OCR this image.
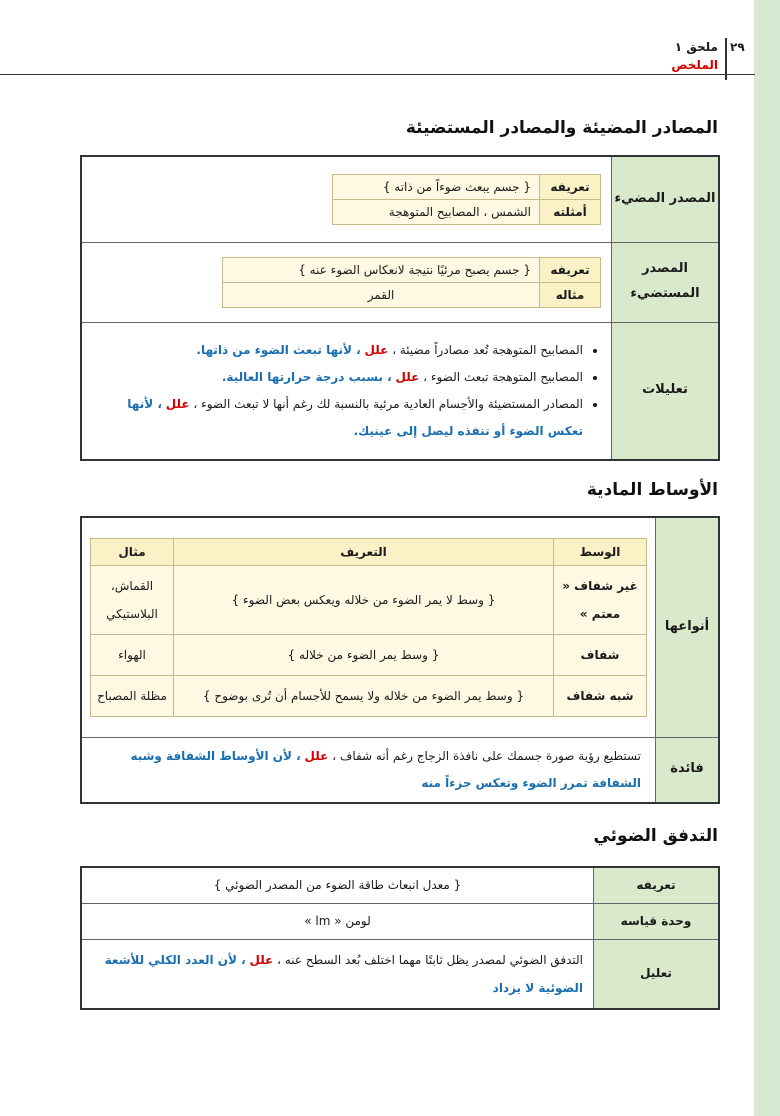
٢٩
ملحق ١
الملخص
المصادر المضيئة والمصادر المستضيئة
المصدر المضيء	
تعريفه	{ جسم يبعث ضوءاً من ذاته }
أمثلته	الشمس ، المصابيح المتوهجة

المصدر المستضيء	
تعريفه	{ جسم يصبح مرئيًا نتيجة لانعكاس الضوء عنه }
مثاله	القمر

تعليلات	
• المصابيح المتوهجة تُعد مصادراً مضيئة ، علل ، لأنها تبعث الضوء من ذاتها.
• المصابيح المتوهجة تبعث الضوء ، علل ، بسبب درجة حرارتها العالية.
• المصادر المستضيئة والأجسام العادية مرئية بالنسبة لك رغم أنها لا تبعث الضوء ، علل ، لأنها تعكس الضوء أو تنفذه ليصل إلى عينيك.
الأوساط المادية
أنواعها	
الوسط	التعريف	مثال
غير شفاف « معتم »	{ وسط لا يمر الضوء من خلاله ويعكس بعض الضوء }	القماش، البلاستيكي
شفاف	{ وسط يمر الضوء من خلاله }	الهواء
شبه شفاف	{ وسط يمر الضوء من خلاله ولا يسمح للأجسام أن تُرى بوضوح }	مظلة المصباح

فائدة	تستطيع رؤية صورة جسمك على نافذة الزجاج رغم أنه شفاف ، علل ، لأن الأوساط الشفافة وشبه الشفافة تمرر الضوء وتعكس جزءاً منه
التدفق الضوئي
تعريفه	{ معدل انبعاث طاقة الضوء من المصدر الضوئي }
وحدة قياسه	لومن « lm »
تعليل	التدفق الضوئي لمصدر يظل ثابتًا مهما اختلف بُعد السطح عنه ، علل ، لأن العدد الكلي للأشعة الضوئية لا يزداد
